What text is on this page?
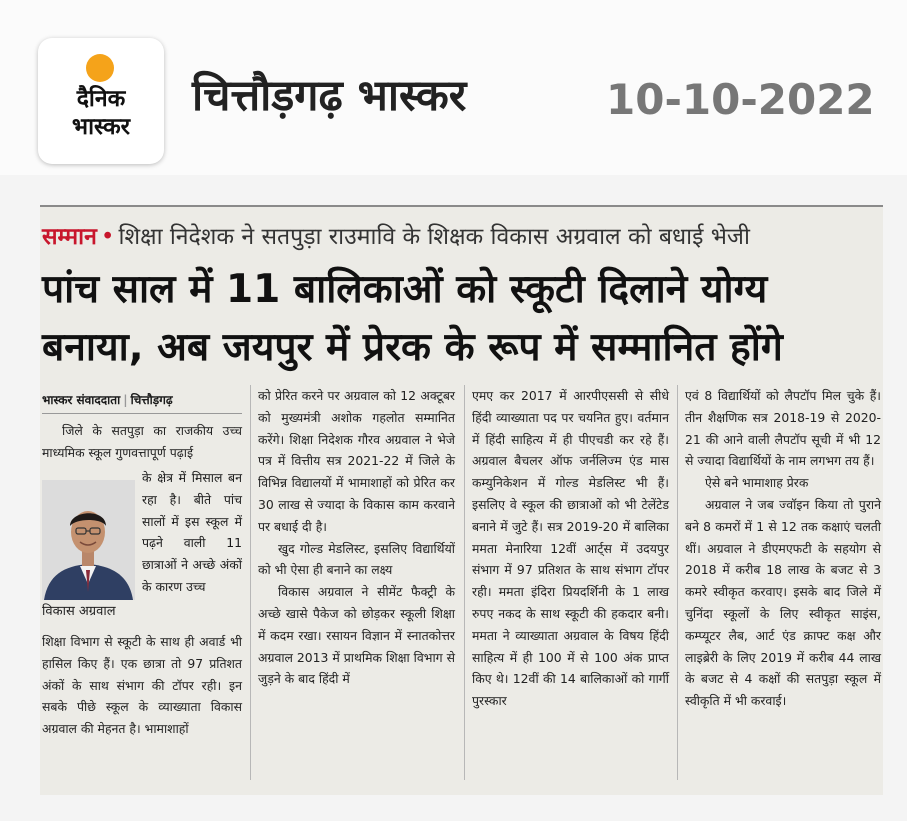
दैनिक
भास्कर
चित्तौड़गढ़ भास्कर	10-10-2022
सम्मान • शिक्षा निदेशक ने सतपुड़ा राउमावि के शिक्षक विकास अग्रवाल को बधाई भेजी
पांच साल में 11 बालिकाओं को स्कूटी दिलाने योग्य
बनाया, अब जयपुर में प्रेरक के रूप में सम्मानित होंगे
भास्कर संवाददाता | चित्तौड़गढ़

जिले के सतपुड़ा का राजकीय उच्च माध्यमिक स्कूल गुणवत्तापूर्ण पढ़ाई

विकास अग्रवाल
के क्षेत्र में मिसाल बन रहा है। बीते पांच सालों में इस स्कूल में पढ़ने वाली 11 छात्राओं ने अच्छे अंकों के कारण उच्च

शिक्षा विभाग से स्कूटी के साथ ही अवार्ड भी हासिल किए हैं। एक छात्रा तो 97 प्रतिशत अंकों के साथ संभाग की टॉपर रही। इन सबके पीछे स्कूल के व्याख्याता विकास अग्रवाल की मेहनत है। भामाशाहों

को प्रेरित करने पर अग्रवाल को 12 अक्टूबर को मुख्यमंत्री अशोक गहलोत सम्मानित करेंगे। शिक्षा निदेशक गौरव अग्रवाल ने भेजे पत्र में वित्तीय सत्र 2021-22 में जिले के विभिन्न विद्यालयों में भामाशाहों को प्रेरित कर 30 लाख से ज्यादा के विकास काम करवाने पर बधाई दी है।

खुद गोल्ड मेडलिस्ट, इसलिए विद्यार्थियों को भी ऐसा ही बनाने का लक्ष्य

विकास अग्रवाल ने सीमेंट फैक्ट्री के अच्छे खासे पैकेज को छोड़कर स्कूली शिक्षा में कदम रखा। रसायन विज्ञान में स्नातकोत्तर अग्रवाल 2013 में प्राथमिक शिक्षा विभाग से जुड़ने के बाद हिंदी में

एमए कर 2017 में आरपीएससी से सीधे हिंदी व्याख्याता पद पर चयनित हुए। वर्तमान में हिंदी साहित्य में ही पीएचडी कर रहे हैं। अग्रवाल बैचलर ऑफ जर्नलिज्म एंड मास कम्युनिकेशन में गोल्ड मेडलिस्ट भी हैं। इसलिए वे स्कूल की छात्राओं को भी टेलेंटेड बनाने में जुटे हैं। सत्र 2019-20 में बालिका ममता मेनारिया 12वीं आर्ट्स में उदयपुर संभाग में 97 प्रतिशत के साथ संभाग टॉपर रही। ममता इंदिरा प्रियदर्शिनी के 1 लाख रुपए नकद के साथ स्कूटी की हकदार बनी। ममता ने व्याख्याता अग्रवाल के विषय हिंदी साहित्य में ही 100 में से 100 अंक प्राप्त किए थे। 12वीं की 14 बालिकाओं को गार्गी पुरस्कार

एवं 8 विद्यार्थियों को लैपटॉप मिल चुके हैं। तीन शैक्षणिक सत्र 2018-19 से 2020-21 की आने वाली लैपटॉप सूची में भी 12 से ज्यादा विद्यार्थियों के नाम लगभग तय हैं।

ऐसे बने भामाशाह प्रेरक

अग्रवाल ने जब ज्वॉइन किया तो पुराने बने 8 कमरों में 1 से 12 तक कक्षाएं चलती थीं। अग्रवाल ने डीएमएफटी के सहयोग से 2018 में करीब 18 लाख के बजट से 3 कमरे स्वीकृत करवाए। इसके बाद जिले में चुनिंदा स्कूलों के लिए स्वीकृत साइंस, कम्प्यूटर लैब, आर्ट एंड क्राफ्ट कक्ष और लाइब्रेरी के लिए 2019 में करीब 44 लाख के बजट से 4 कक्षों की सतपुड़ा स्कूल में स्वीकृति में भी करवाई।
